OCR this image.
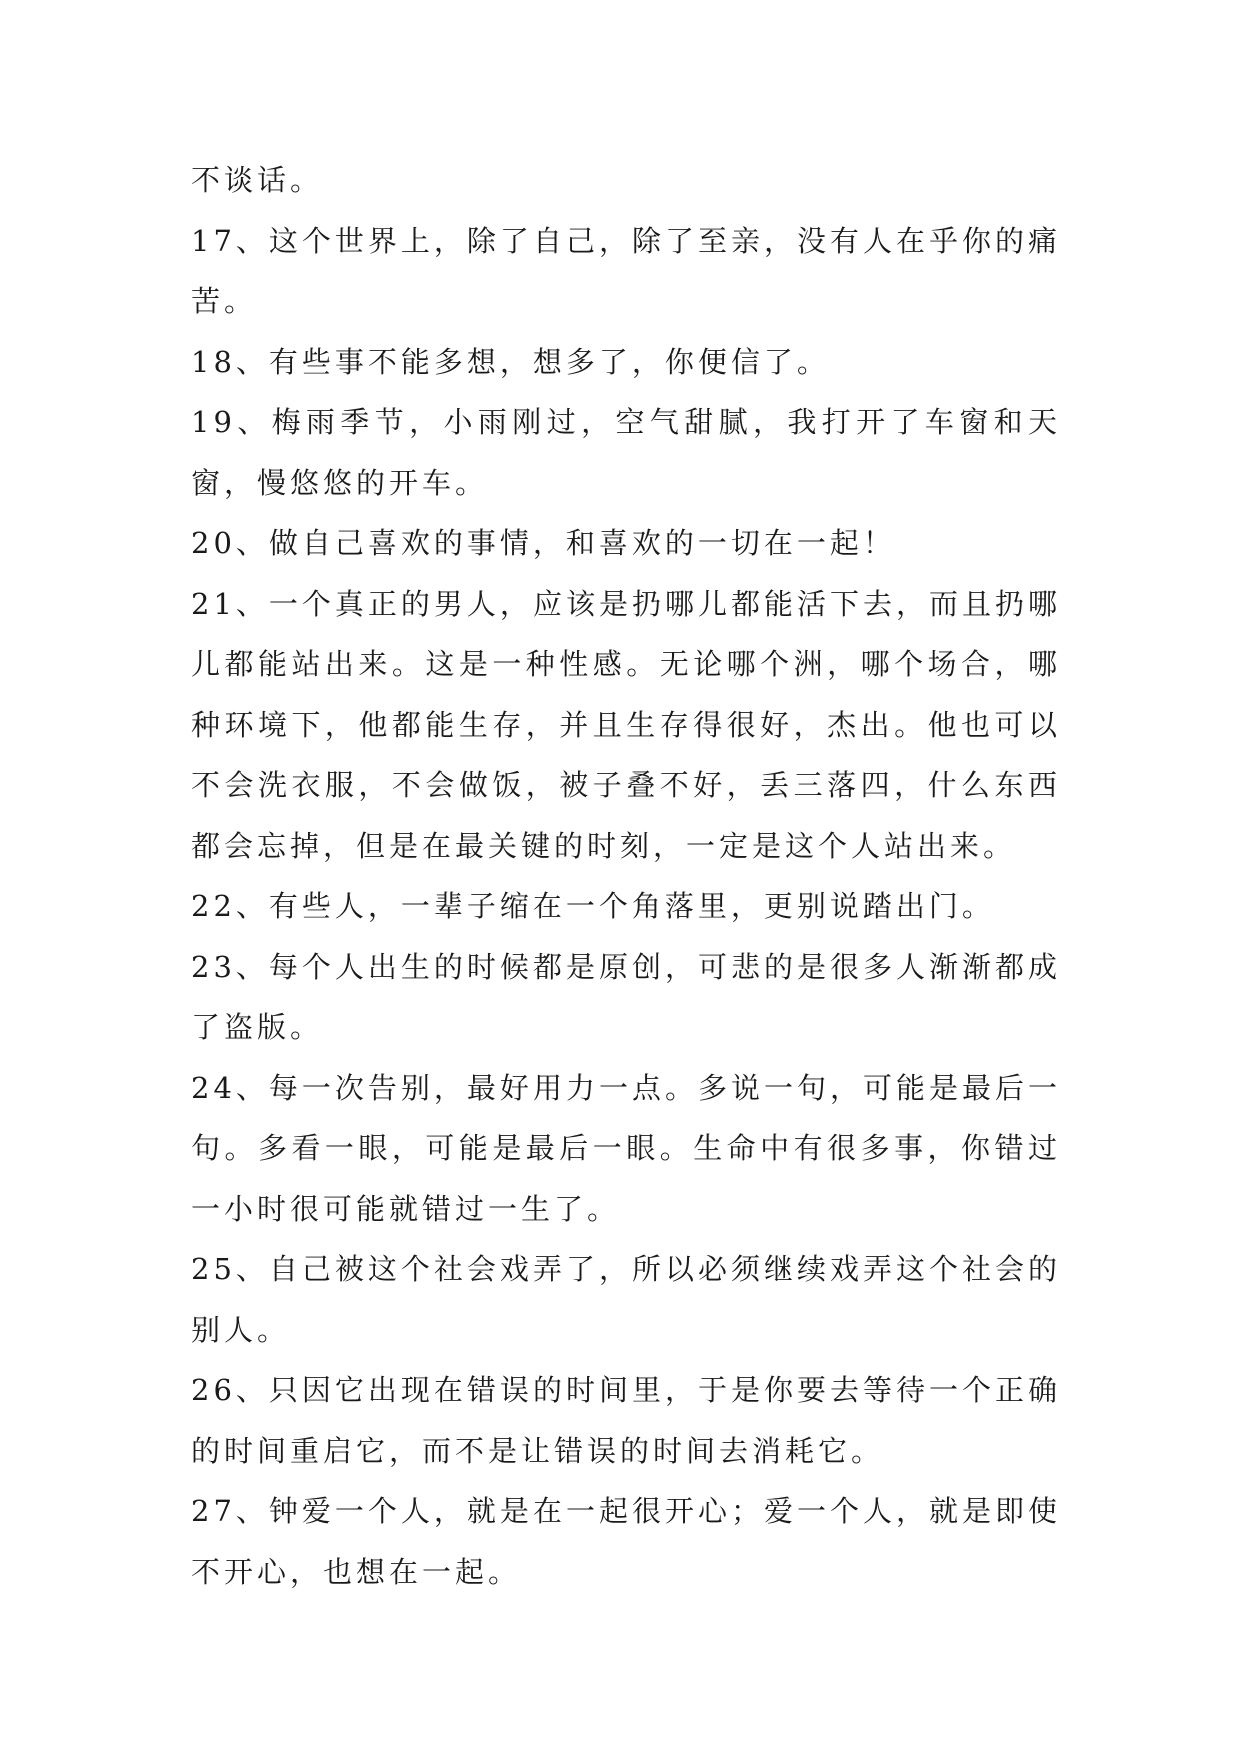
不谈话。

17、这个世界上，除了自己，除了至亲，没有人在乎你的痛苦。

18、有些事不能多想，想多了，你便信了。

19、梅雨季节，小雨刚过，空气甜腻，我打开了车窗和天窗，慢悠悠的开车。

20、做自己喜欢的事情，和喜欢的一切在一起！

21、一个真正的男人，应该是扔哪儿都能活下去，而且扔哪儿都能站出来。这是一种性感。无论哪个洲，哪个场合，哪种环境下，他都能生存，并且生存得很好，杰出。他也可以不会洗衣服，不会做饭，被子叠不好，丢三落四，什么东西都会忘掉，但是在最关键的时刻，一定是这个人站出来。

22、有些人，一辈子缩在一个角落里，更别说踏出门。

23、每个人出生的时候都是原创，可悲的是很多人渐渐都成了盗版。

24、每一次告别，最好用力一点。多说一句，可能是最后一句。多看一眼，可能是最后一眼。生命中有很多事，你错过一小时很可能就错过一生了。

25、自己被这个社会戏弄了，所以必须继续戏弄这个社会的别人。

26、只因它出现在错误的时间里，于是你要去等待一个正确的时间重启它，而不是让错误的时间去消耗它。

27、钟爱一个人，就是在一起很开心；爱一个人，就是即使不开心，也想在一起。
